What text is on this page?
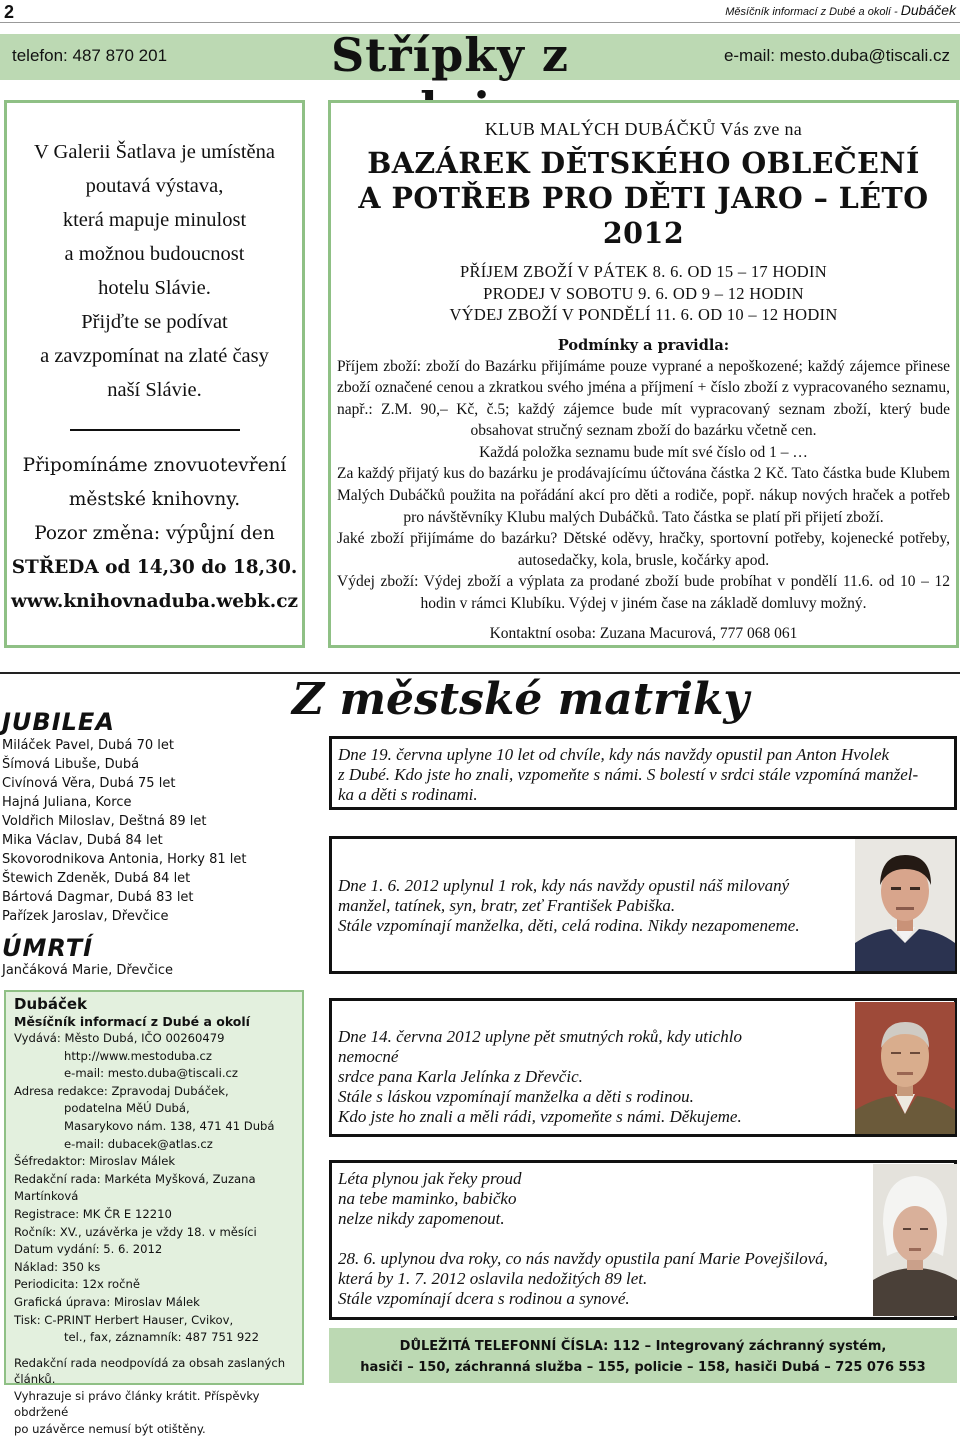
2	Měsíčník informací z Dubé a okolí - Dubáček
telefon: 487 870 201	Střípky z	e-mail: mesto.duba@tiscali.cz
V Galerii Šatlava je umístěna
poutavá výstava,
která mapuje minulost
a možnou budoucnost
hotelu Slávie.
Přijďte se podívat
a zavzpomínat na zlaté časy
naší Slávie.
Připomínáme znovuotevření
městské knihovny.
Pozor změna: výpůjní den
STŘEDA od 14,30 do 18,30.
www.knihovnaduba.webk.cz
KLUB MALÝCH DUBÁČKŮ Vás zve na
BAZÁREK DĚTSKÉHO OBLEČENÍ
A POTŘEB PRO DĚTI JARO – LÉTO 2012
PŘÍJEM ZBOŽÍ V PÁTEK 8. 6. OD 15 – 17 HODIN
PRODEJ V SOBOTU 9. 6. OD 9 – 12 HODIN
VÝDEJ ZBOŽÍ V PONDĚLÍ 11. 6. OD 10 – 12 HODIN
Podmínky a pravidla:
Příjem zboží: zboží do Bazárku přijímáme pouze vyprané a nepoškozené; každý zájemce přinese zboží označené cenou a zkratkou svého jména a příjmení + číslo zboží z vypracovaného seznamu, např.: Z.M. 90,– Kč, č.5; každý zájemce bude mít vypracovaný seznam zboží, který bude obsahovat stručný seznam zboží do bazárku včetně cen.
Každá položka seznamu bude mít své číslo od 1 – …
Za každý přijatý kus do bazárku je prodávajícímu účtována částka 2 Kč. Tato částka bude Klubem Malých Dubáčků použita na pořádání akcí pro děti a rodiče, popř. nákup nových hraček a potřeb pro návštěvníky Klubu malých Dubáčků. Tato částka se platí při přijetí zboží.
Jaké zboží přijímáme do bazárku? Dětské oděvy, hračky, sportovní potřeby, kojenecké potřeby, autosedačky, kola, brusle, kočárky apod.
Výdej zboží: Výdej zboží a výplata za prodané zboží bude probíhat v pondělí 11.6. od 10 – 12 hodin v rámci Klubíku. Výdej v jiném čase na základě domluvy možný.
Kontaktní osoba: Zuzana Macurová, 777 068 061
JUBILEA
Miláček Pavel, Dubá 70 let
Šímová Libuše, Dubá
Civínová Věra, Dubá 75 let
Hajná Juliana, Korce
Voldřich Miloslav, Deštná 89 let
Mika Václav, Dubá 84 let
Skovorodnikova Antonia, Horky 81 let
Štewich Zdeněk, Dubá 84 let
Bártová Dagmar, Dubá 83 let
Pařízek Jaroslav, Dřevčice
ÚMRTÍ
Jančáková Marie, Dřevčice
Dubáček
Měsíčník informací z Dubé a okolí
Vydává: Město Dubá, IČO 00260479
http://www.mestoduba.cz
e-mail: mesto.duba@tiscali.cz
Adresa redakce: Zpravodaj Dubáček,
podatelna MěÚ Dubá,
Masarykovo nám. 138, 471 41 Dubá
e-mail: dubacek@atlas.cz
Šéfredaktor: Miroslav Málek
Redakční rada: Markéta Myšková, Zuzana Martínková
Registrace: MK ČR E 12210
Ročník: XV., uzávěrka je vždy 18. v měsíci
Datum vydání: 5. 6. 2012
Náklad: 350 ks
Periodicita: 12x ročně
Grafická úprava: Miroslav Málek
Tisk: C-PRINT Herbert Hauser, Cvikov,
tel., fax, záznamník: 487 751 922
Redakční rada neodpovídá za obsah zaslaných článků.
Vyhrazuje si právo články krátit. Příspěvky obdržené
po uzávěrce nemusí být otištěny.
Z městské matriky
Dne 19. června uplyne 10 let od chvíle, kdy nás navždy opustil pan Anton Hvolek
z Dubé. Kdo jste ho znali, vzpomeňte s námi. S bolestí v srdci stále vzpomíná manžel-
ka a děti s rodinami.
Dne 1. 6. 2012 uplynul 1 rok, kdy nás navždy opustil náš milovaný
manžel, tatínek, syn, bratr, zeť František Pabiška.
Stále vzpomínají manželka, děti, celá rodina. Nikdy nezapomeneme.
Dne 14. června 2012 uplyne pět smutných roků, kdy utichlo nemocné
srdce pana Karla Jelínka z Dřevčic.
Stále s láskou vzpomínají manželka a děti s rodinou.
Kdo jste ho znali a měli rádi, vzpomeňte s námi. Děkujeme.
Léta plynou jak řeky proud
na tebe maminko, babičko
nelze nikdy zapomenout.
28. 6. uplynou dva roky, co nás navždy opustila paní Marie Povejšilová,
která by 1. 7. 2012 oslavila nedožitých 89 let.
Stále vzpomínají dcera s rodinou a synové.
DŮLEŽITÁ TELEFONNÍ ČÍSLA: 112 – Integrovaný záchranný systém,
hasiči – 150, záchranná služba – 155, policie – 158, hasiči Dubá – 725 076 553
